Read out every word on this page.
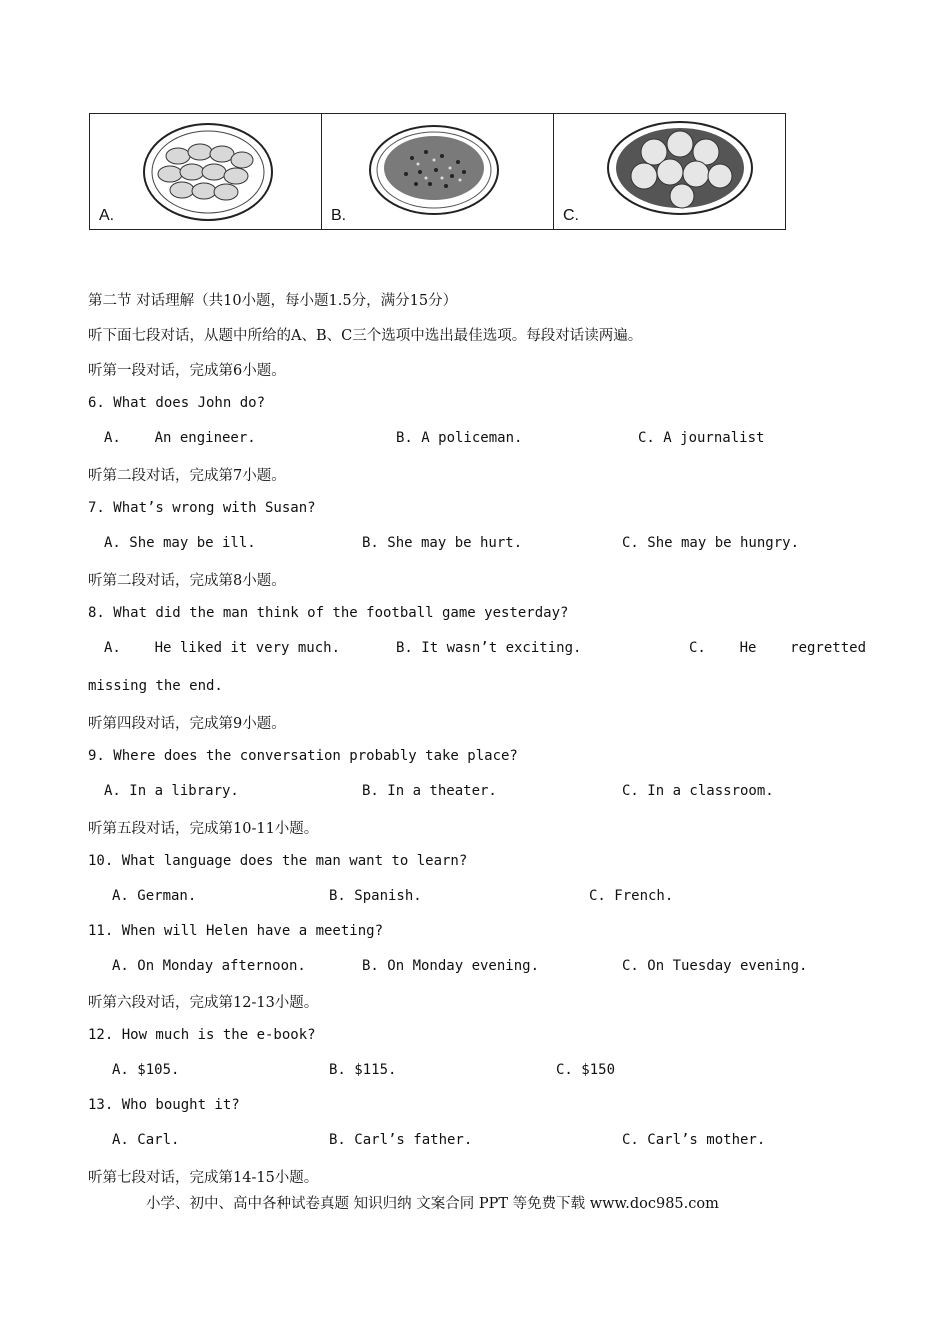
A.	B.	C.
第二节 对话理解（共10小题，每小题1.5分，满分15分）
听下面七段对话，从题中所给的A、B、C三个选项中选出最佳选项。每段对话读两遍。
听第一段对话，完成第6小题。
6. What does John do?
A.    An engineer.	B. A policeman.	C. A journalist
听第二段对话，完成第7小题。
7. What’s wrong with Susan?
A. She may be ill.	B. She may be hurt.	C. She may be hungry.
听第二段对话，完成第8小题。
8. What did the man think of the football game yesterday?
A.    He liked it very much.	B. It wasn’t exciting.	C.    He    regretted
missing the end.
听第四段对话，完成第9小题。
9. Where does the conversation probably take place?
A. In a library.	B. In a theater.	C. In a classroom.
听第五段对话，完成第10-11小题。
10. What language does the man want to learn?
A. German.	B. Spanish.	C. French.
11. When will Helen have a meeting?
A. On Monday afternoon.	B. On Monday evening.	C. On Tuesday evening.
听第六段对话，完成第12-13小题。
12. How much is the e-book?
A. $105.	B. $115.	C. $150
13. Who bought it?
A. Carl.	B. Carl’s father.	C. Carl’s mother.
听第七段对话，完成第14-15小题。
小学、初中、高中各种试卷真题 知识归纳 文案合同 PPT 等免费下载 www.doc985.com
